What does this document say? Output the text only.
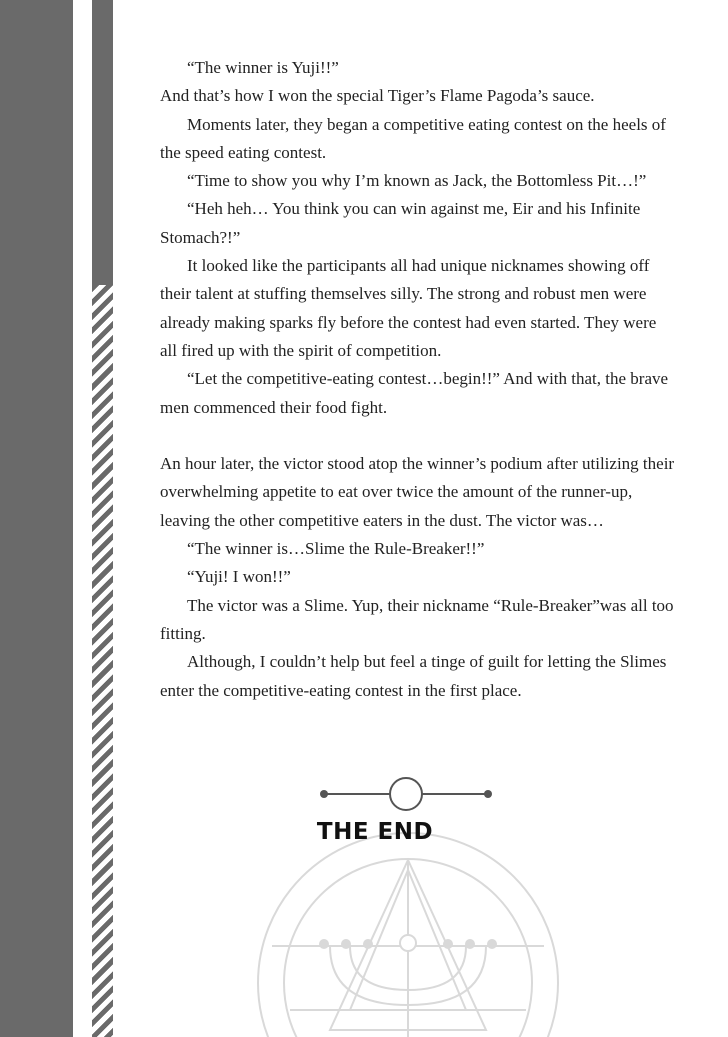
“The winner is Yuji!!”

And that’s how I won the special Tiger’s Flame Pagoda’s sauce.

Moments later, they began a competitive eating contest on the heels of the speed eating contest.

“Time to show you why I’m known as Jack, the Bottomless Pit…!”

“Heh heh… You think you can win against me, Eir and his Infinite Stomach?!”

It looked like the participants all had unique nicknames showing off their talent at stuffing themselves silly. The strong and robust men were already making sparks fly before the contest had even started. They were all fired up with the spirit of competition.

“Let the competitive-eating contest…begin!!” And with that, the brave men commenced their food fight.

An hour later, the victor stood atop the winner’s podium after utilizing their overwhelming appetite to eat over twice the amount of the runner-up, leaving the other competitive eaters in the dust. The victor was…

“The winner is…Slime the Rule-Breaker!!”

“Yuji! I won!!”

The victor was a Slime. Yup, their nickname “Rule-Breaker”was all too fitting.

Although, I couldn’t help but feel a tinge of guilt for letting the Slimes enter the competitive-eating contest in the first place.

THE END
